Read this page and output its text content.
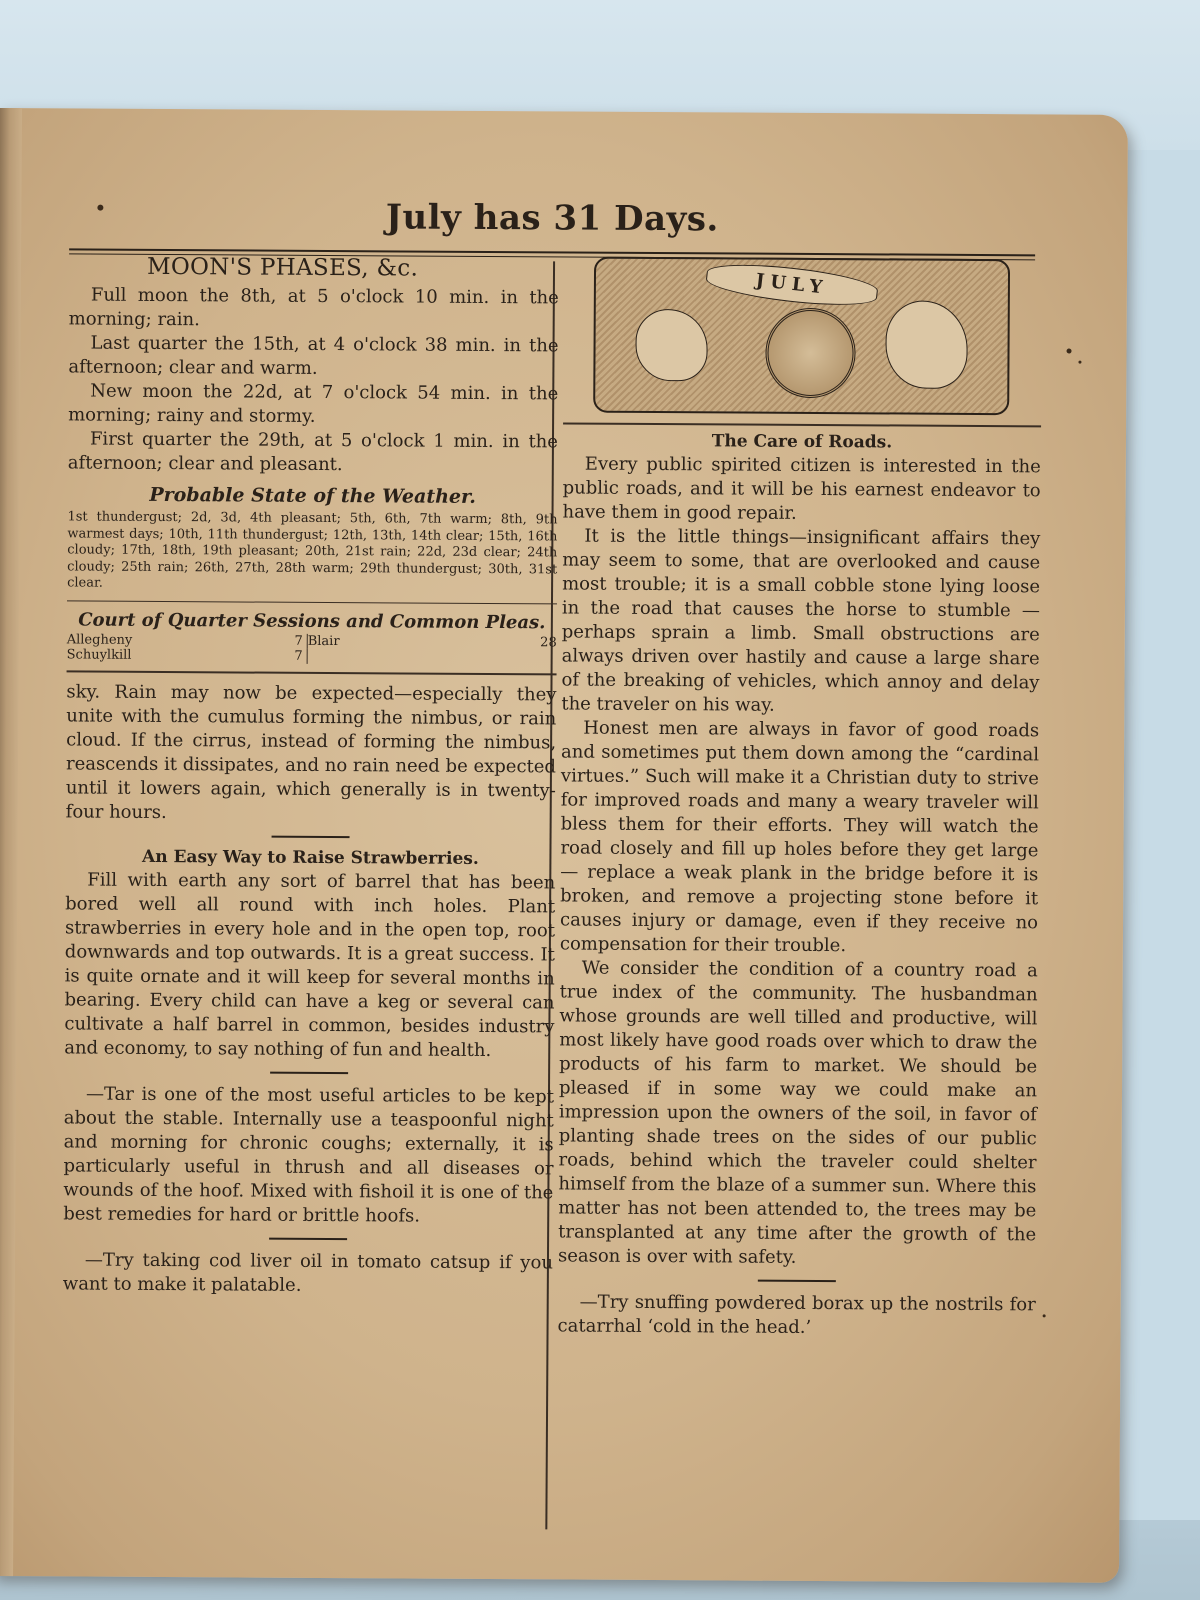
July has 31 Days.
MOON'S PHASES, &c.

Full moon the 8th, at 5 o'clock 10 min. in the morning; rain.

Last quarter the 15th, at 4 o'clock 38 min. in the afternoon; clear and warm.

New moon the 22d, at 7 o'clock 54 min. in the morning; rainy and stormy.

First quarter the 29th, at 5 o'clock 1 min. in the afternoon; clear and pleasant.

Probable State of the Weather.

1st thundergust; 2d, 3d, 4th pleasant; 5th, 6th, 7th warm; 8th, 9th warmest days; 10th, 11th thundergust; 12th, 13th, 14th clear; 15th, 16th cloudy; 17th, 18th, 19th pleasant; 20th, 21st rain; 22d, 23d clear; 24th cloudy; 25th rain; 26th, 27th, 28th warm; 29th thundergust; 30th, 31st clear.

Court of Quarter Sessions and Common Pleas.
Allegheny	7 Blair	28
Schuylkill	7

sky. Rain may now be expected—especially they unite with the cumulus forming the nimbus, or rain cloud. If the cirrus, instead of forming the nimbus, reascends it dissipates, and no rain need be expected until it lowers again, which generally is in twenty-four hours.

An Easy Way to Raise Strawberries.

Fill with earth any sort of barrel that has been bored well all round with inch holes. Plant strawberries in every hole and in the open top, root downwards and top outwards. It is a great success. It is quite ornate and it will keep for several months in bearing. Every child can have a keg or several can cultivate a half barrel in common, besides industry and economy, to say nothing of fun and health.

—Tar is one of the most useful articles to be kept about the stable. Internally use a teaspoonful night and morning for chronic coughs; externally, it is particularly useful in thrush and all diseases or wounds of the hoof. Mixed with fishoil it is one of the best remedies for hard or brittle hoofs.

—Try taking cod liver oil in tomato catsup if you want to make it palatable.

JULY
The Care of Roads.

Every public spirited citizen is interested in the public roads, and it will be his earnest endeavor to have them in good repair.

It is the little things—insignificant affairs they may seem to some, that are overlooked and cause most trouble; it is a small cobble stone lying loose in the road that causes the horse to stumble — perhaps sprain a limb. Small obstructions are always driven over hastily and cause a large share of the breaking of vehicles, which annoy and delay the traveler on his way.

Honest men are always in favor of good roads and sometimes put them down among the “cardinal virtues.” Such will make it a Christian duty to strive for improved roads and many a weary traveler will bless them for their efforts. They will watch the road closely and fill up holes before they get large — replace a weak plank in the bridge before it is broken, and remove a projecting stone before it causes injury or damage, even if they receive no compensation for their trouble.

We consider the condition of a country road a true index of the community. The husbandman whose grounds are well tilled and productive, will most likely have good roads over which to draw the products of his farm to market. We should be pleased if in some way we could make an impression upon the owners of the soil, in favor of planting shade trees on the sides of our public roads, behind which the traveler could shelter himself from the blaze of a summer sun. Where this matter has not been attended to, the trees may be transplanted at any time after the growth of the season is over with safety.

—Try snuffing powdered borax up the nostrils for catarrhal ‘cold in the head.’
